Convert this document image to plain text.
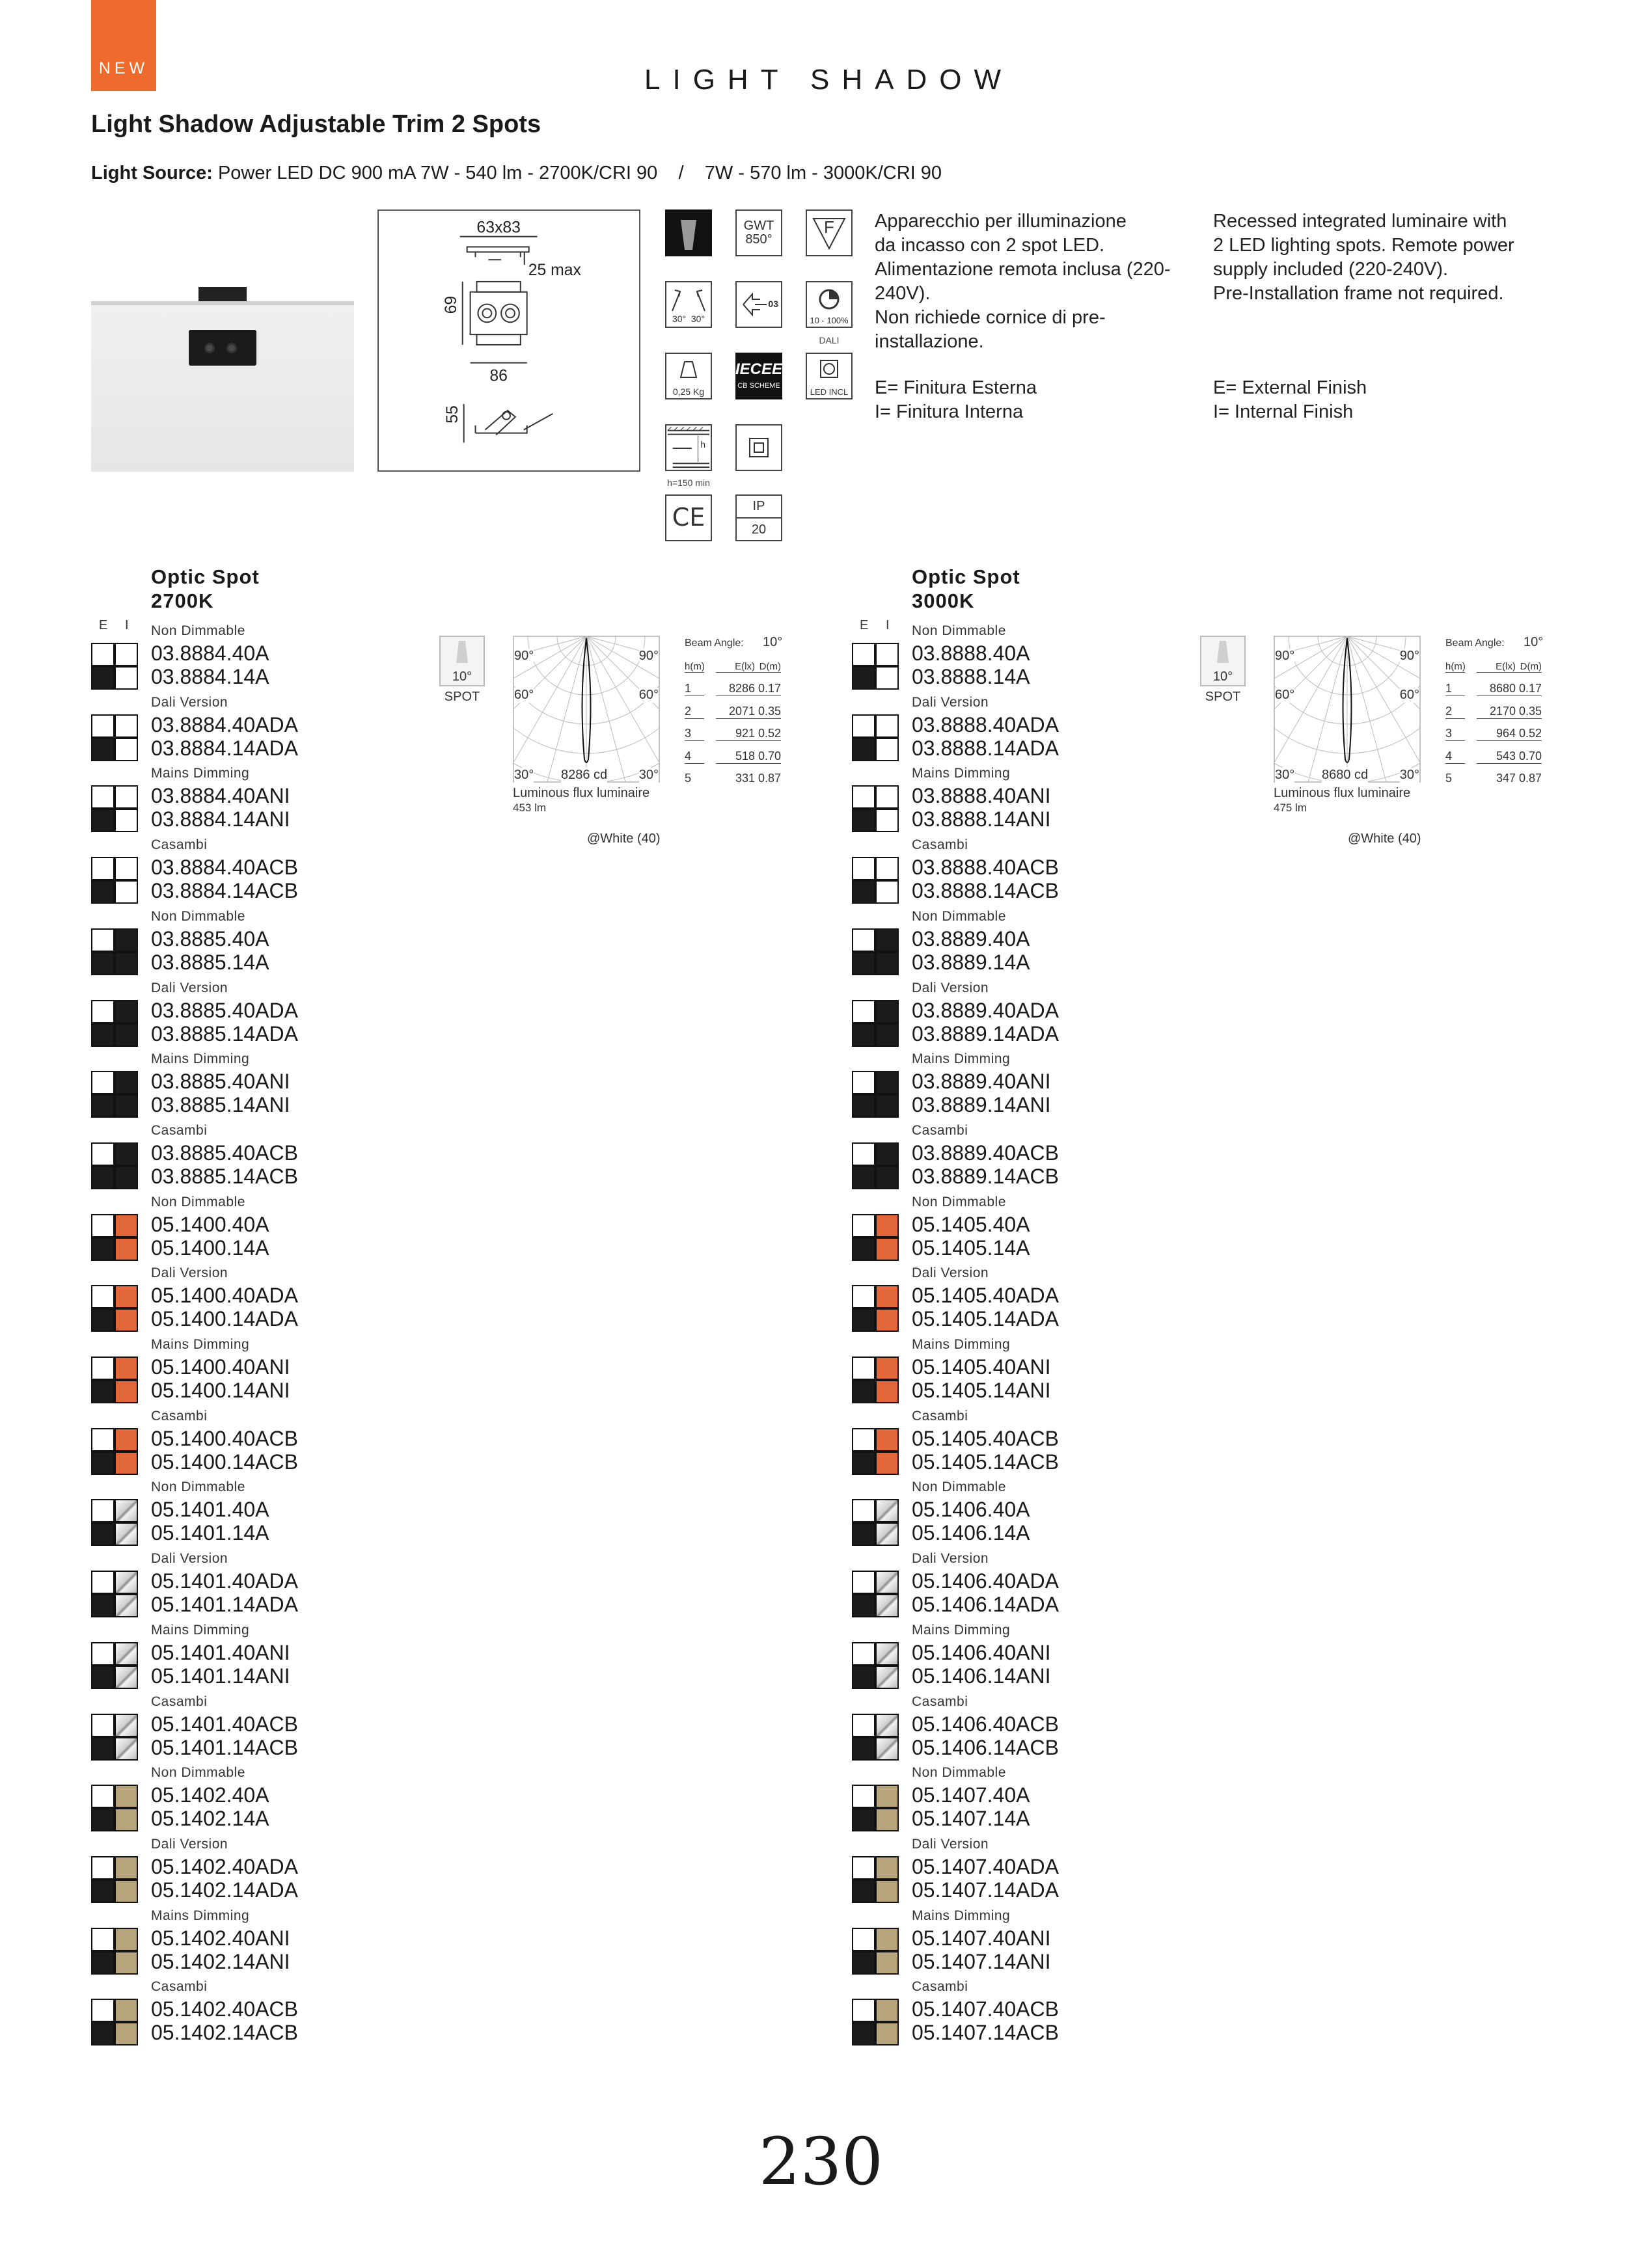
NEW	LIGHT SHADOW
Light Shadow Adjustable Trim 2 Spots
Light Source: Power LED DC 900 mA 7W - 540 lm - 2700K/CRI 90    /    7W - 570 lm - 3000K/CRI 90
63x83
25 max
69
86
55
GWT
850°
F
30°  30°
03
10 - 100%
DALI
0,25 Kg
IECEE
CB SCHEME
LED INCL
h
h=150 min
CE	IP
20
Apparecchio per illuminazione
da incasso con 2 spot LED.
Alimentazione remota inclusa (220-
240V).
Non richiede cornice di pre-
installazione.
Recessed integrated luminaire with
2 LED lighting spots. Remote power
supply included (220-240V).
Pre-Installation frame not required.
E= Finitura Esterna
I= Finitura Interna
E= External Finish
I= Internal Finish
Optic Spot
2700K
E I Non Dimmable
03.8884.40A
03.8884.14A
Dali Version
03.8884.40ADA
03.8884.14ADA
Mains Dimming
03.8884.40ANI
03.8884.14ANI
Casambi
03.8884.40ACB
03.8884.14ACB
Non Dimmable
03.8885.40A
03.8885.14A
Dali Version
03.8885.40ADA
03.8885.14ADA
Mains Dimming
03.8885.40ANI
03.8885.14ANI
Casambi
03.8885.40ACB
03.8885.14ACB
Non Dimmable
05.1400.40A
05.1400.14A
Dali Version
05.1400.40ADA
05.1400.14ADA
Mains Dimming
05.1400.40ANI
05.1400.14ANI
Casambi
05.1400.40ACB
05.1400.14ACB
Non Dimmable
05.1401.40A
05.1401.14A
Dali Version
05.1401.40ADA
05.1401.14ADA
Mains Dimming
05.1401.40ANI
05.1401.14ANI
Casambi
05.1401.40ACB
05.1401.14ACB
Non Dimmable
05.1402.40A
05.1402.14A
Dali Version
05.1402.40ADA
05.1402.14ADA
Mains Dimming
05.1402.40ANI
05.1402.14ANI
Casambi
05.1402.40ACB
05.1402.14ACB
10°
SPOT
90°	90°
60°	60°
30°	30°
8286 cd
Luminous flux luminaire
453 lm
@White (40)
Beam Angle: 10°
h(m)	E(lx) D(m)
1	8286 0.17
2	2071 0.35
3	921 0.52
4	518 0.70
5	331 0.87
Optic Spot
3000K
E I Non Dimmable
03.8888.40A
03.8888.14A
Dali Version
03.8888.40ADA
03.8888.14ADA
Mains Dimming
03.8888.40ANI
03.8888.14ANI
Casambi
03.8888.40ACB
03.8888.14ACB
Non Dimmable
03.8889.40A
03.8889.14A
Dali Version
03.8889.40ADA
03.8889.14ADA
Mains Dimming
03.8889.40ANI
03.8889.14ANI
Casambi
03.8889.40ACB
03.8889.14ACB
Non Dimmable
05.1405.40A
05.1405.14A
Dali Version
05.1405.40ADA
05.1405.14ADA
Mains Dimming
05.1405.40ANI
05.1405.14ANI
Casambi
05.1405.40ACB
05.1405.14ACB
Non Dimmable
05.1406.40A
05.1406.14A
Dali Version
05.1406.40ADA
05.1406.14ADA
Mains Dimming
05.1406.40ANI
05.1406.14ANI
Casambi
05.1406.40ACB
05.1406.14ACB
Non Dimmable
05.1407.40A
05.1407.14A
Dali Version
05.1407.40ADA
05.1407.14ADA
Mains Dimming
05.1407.40ANI
05.1407.14ANI
Casambi
05.1407.40ACB
05.1407.14ACB
10°
SPOT
90°	90°
60°	60°
30°	30°
8680 cd
Luminous flux luminaire
475 lm
@White (40)
Beam Angle: 10°
h(m)	E(lx) D(m)
1	8680 0.17
2	2170 0.35
3	964 0.52
4	543 0.70
5	347 0.87
230
